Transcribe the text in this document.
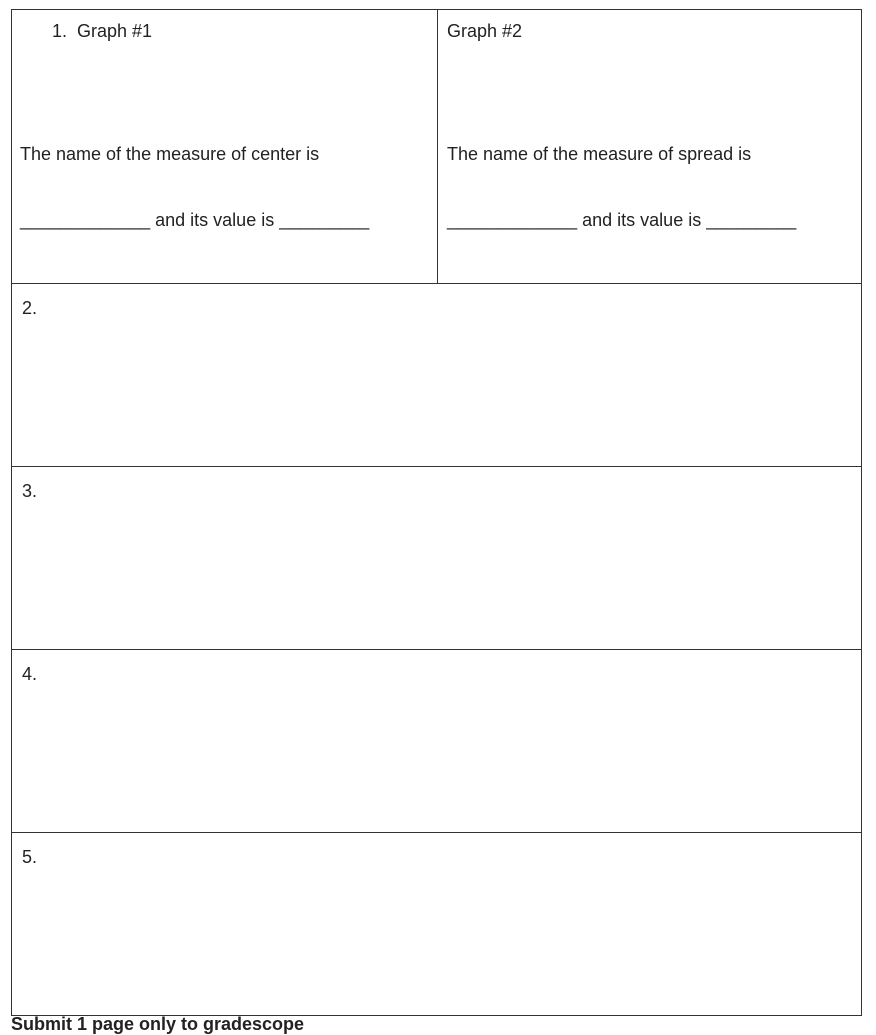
1. Graph #1

The name of the measure of center is

_____________ and its value is _________

Graph #2

The name of the measure of spread is

_____________ and its value is _________

2.

3.

4.

5.
Submit 1 page only to gradescope
